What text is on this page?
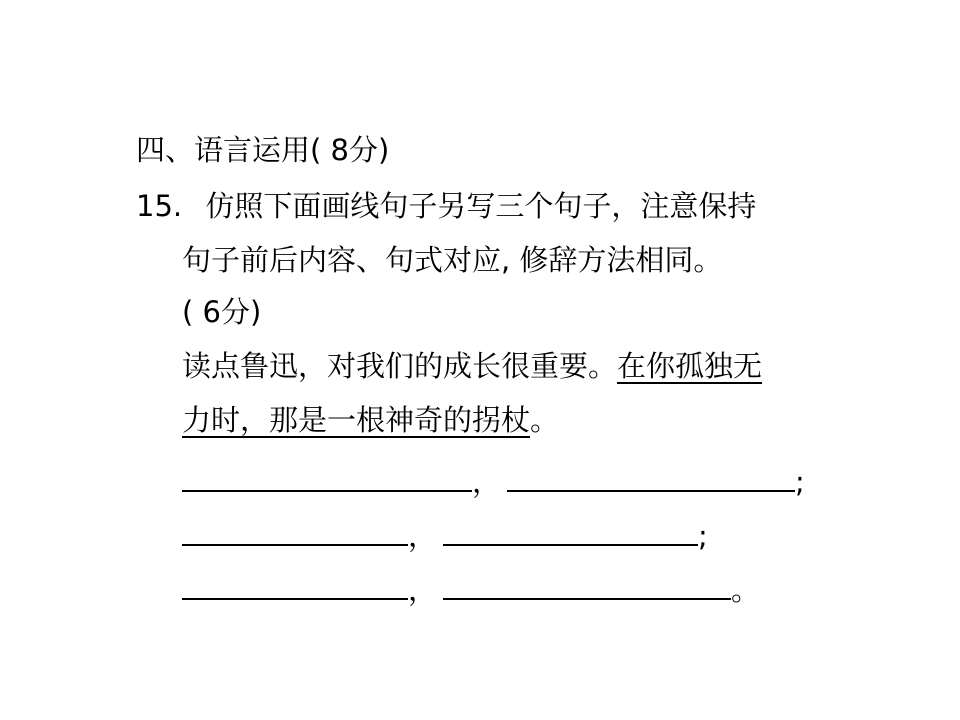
四、语言运用( 8分)
15. 仿照下面画线句子另写三个句子，注意保持
句子前后内容、句式对应, 修辞方法相同。
( 6分)
读点鲁迅，对我们的成长很重要。在你孤独无
力时，那是一根神奇的拐杖。
，	;
，	;
，	。
